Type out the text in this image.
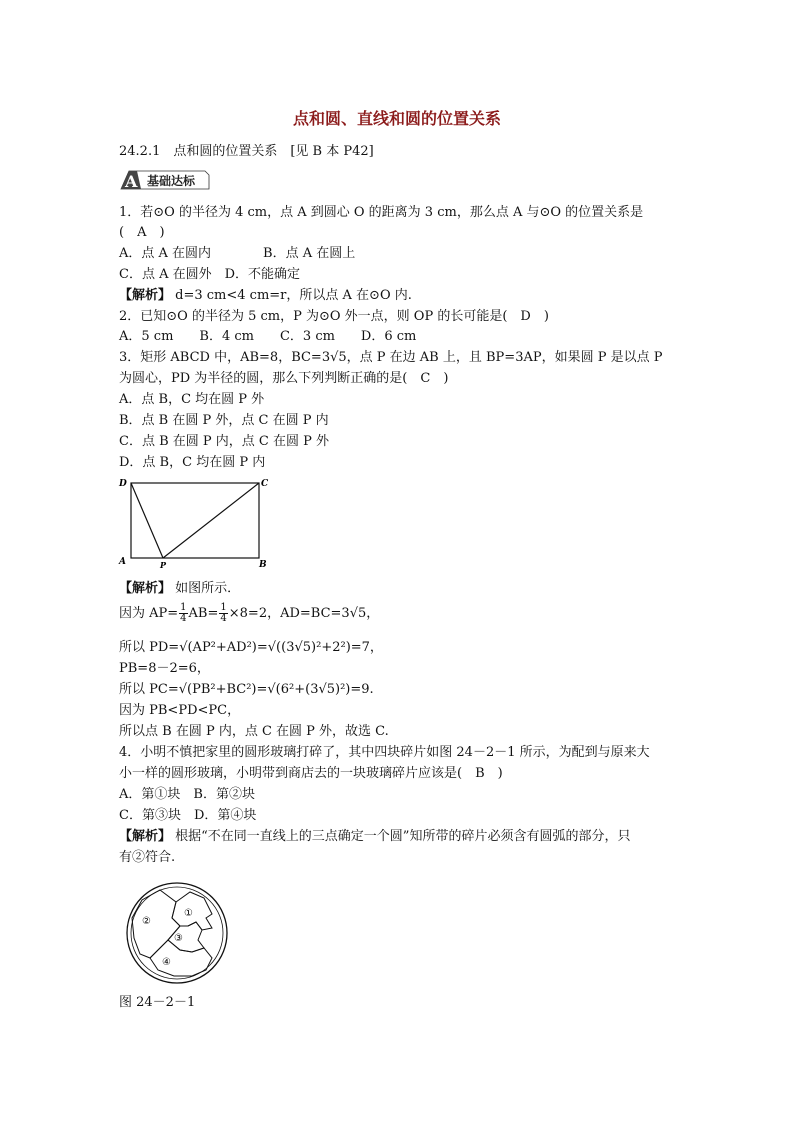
点和圆、直线和圆的位置关系
24.2.1　点和圆的位置关系　[见 B 本 P42]
A 基础达标
1．若⊙O 的半径为 4 cm，点 A 到圆心 O 的距离为 3 cm，那么点 A 与⊙O 的位置关系是
(　A　)
A．点 A 在圆内　　　　B．点 A 在圆上
C．点 A 在圆外　D．不能确定
【解析】 d=3 cm<4 cm=r，所以点 A 在⊙O 内.
2．已知⊙O 的半径为 5 cm，P 为⊙O 外一点，则 OP 的长可能是(　D　)
A．5 cm　　B．4 cm　　C．3 cm　　D．6 cm
3．矩形 ABCD 中，AB=8，BC=3√5，点 P 在边 AB 上，且 BP=3AP，如果圆 P 是以点 P
为圆心，PD 为半径的圆，那么下列判断正确的是(　C　)
A．点 B，C 均在圆 P 外
B．点 B 在圆 P 外，点 C 在圆 P 内
C．点 B 在圆 P 内，点 C 在圆 P 外
D．点 B，C 均在圆 P 内
D	C
A	B
P
【解析】 如图所示．
因为 $AP= \frac{1}{4} AB= \frac{1}{4} \times 8=2$，AD=BC=3√5，
所以 PD=√(AP²+AD²)=√((3√5)²+2²)=7，
PB=8－2=6，
所以 PC=√(PB²+BC²)=√(6²+(3√5)²)=9.
因为 PB<PD<PC，
所以点 B 在圆 P 内，点 C 在圆 P 外，故选 C.
4．小明不慎把家里的圆形玻璃打碎了，其中四块碎片如图 24－2－1 所示，为配到与原来大
小一样的圆形玻璃，小明带到商店去的一块玻璃碎片应该是(　B　)
A．第①块　B．第②块
C．第③块　D．第④块
【解析】 根据“不在同一直线上的三点确定一个圆”知所带的碎片必须含有圆弧的部分，只
有②符合.
①
②
③
④
图 24－2－1
